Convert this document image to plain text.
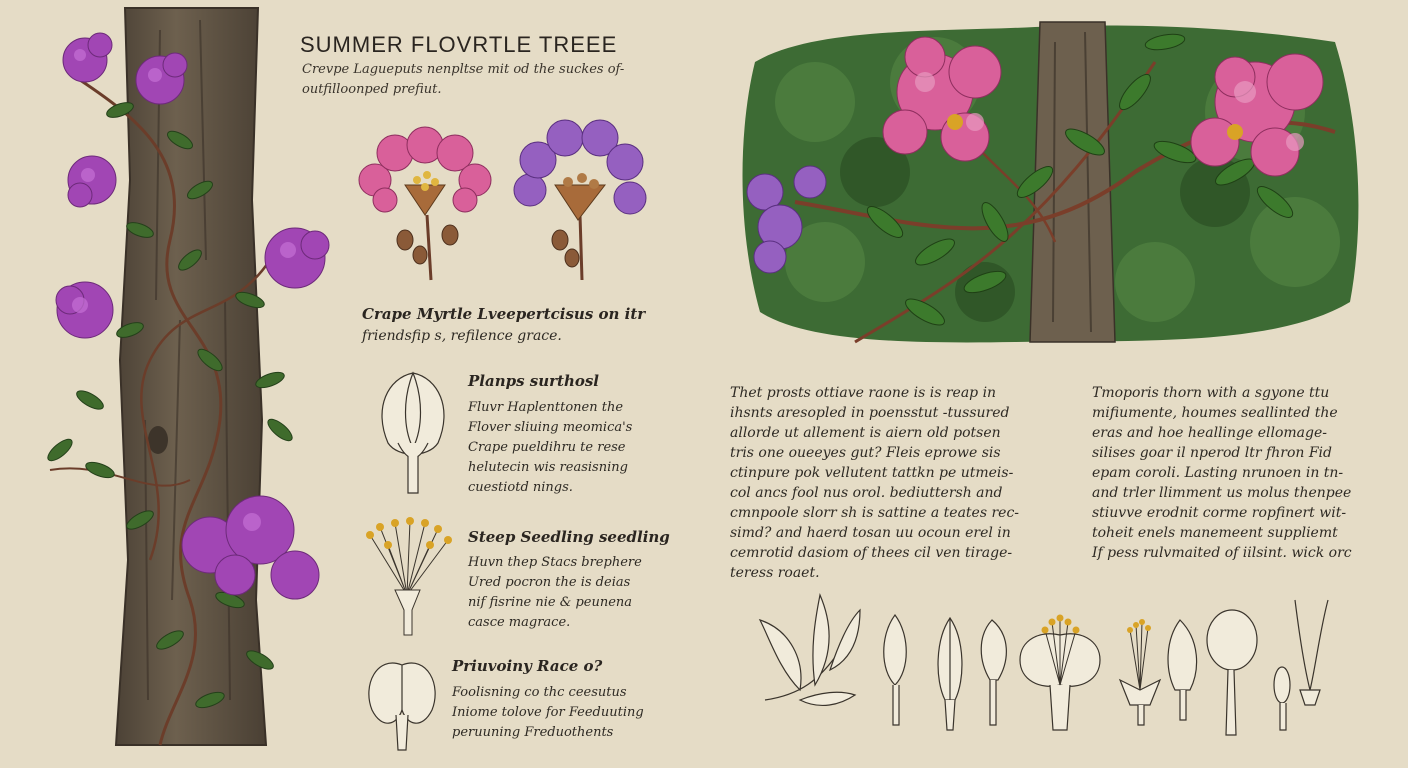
SUMMER FLOVRTLE TREEE
Crevpe Lagueputs nenpltse mit od the suckes of-outfilloonped prefiut.
Crape Myrtle Lveepertcisus on itr
friendsfip s, refilence grace.
Planps surthosl
Fluvr Haplenttonen the
Flover sliuing meomica's
Crape pueldihru te rese
helutecin wis reasisning
cuestiotd nings.
Steep Seedling seedling
Huvn thep Stacs brephere
Ured pocron the is deias
nif fisrine nie & peunena
casce magrace.
Priuvoiny Race o?
Foolisning co thc ceesutus
Iniome tolove for Feeduuting
peruuning Freduothents
Thet prosts ottiave raone is is reap in
ihsnts aresopled in poensstut -tussured
allorde ut allement is aiern old potsen
tris one oueeyes gut? Fleis eprowe sis
ctinpure pok vellutent tattkn pe utmeis-
col ancs fool nus orol. bediuttersh and
cmnpoole slorr sh is sattine a teates rec-
simd? and haerd tosan uu ocoun erel in
cemrotid dasiom of thees cil ven tirage-
teress roaet.
Tmoporis thorn with a sgyone ttu
mifiumente, houmes seallinted the
eras and hoe heallinge ellomage-
silises goar il nperod ltr fhron Fid
epam coroli. Lasting nrunoen in tn-
and trler llimment us molus thenpee
stiuvve erodnit corme ropfinert wit-
toheit enels manemeent suppliemt
If pess rulvmaited of iilsint. wick orc
